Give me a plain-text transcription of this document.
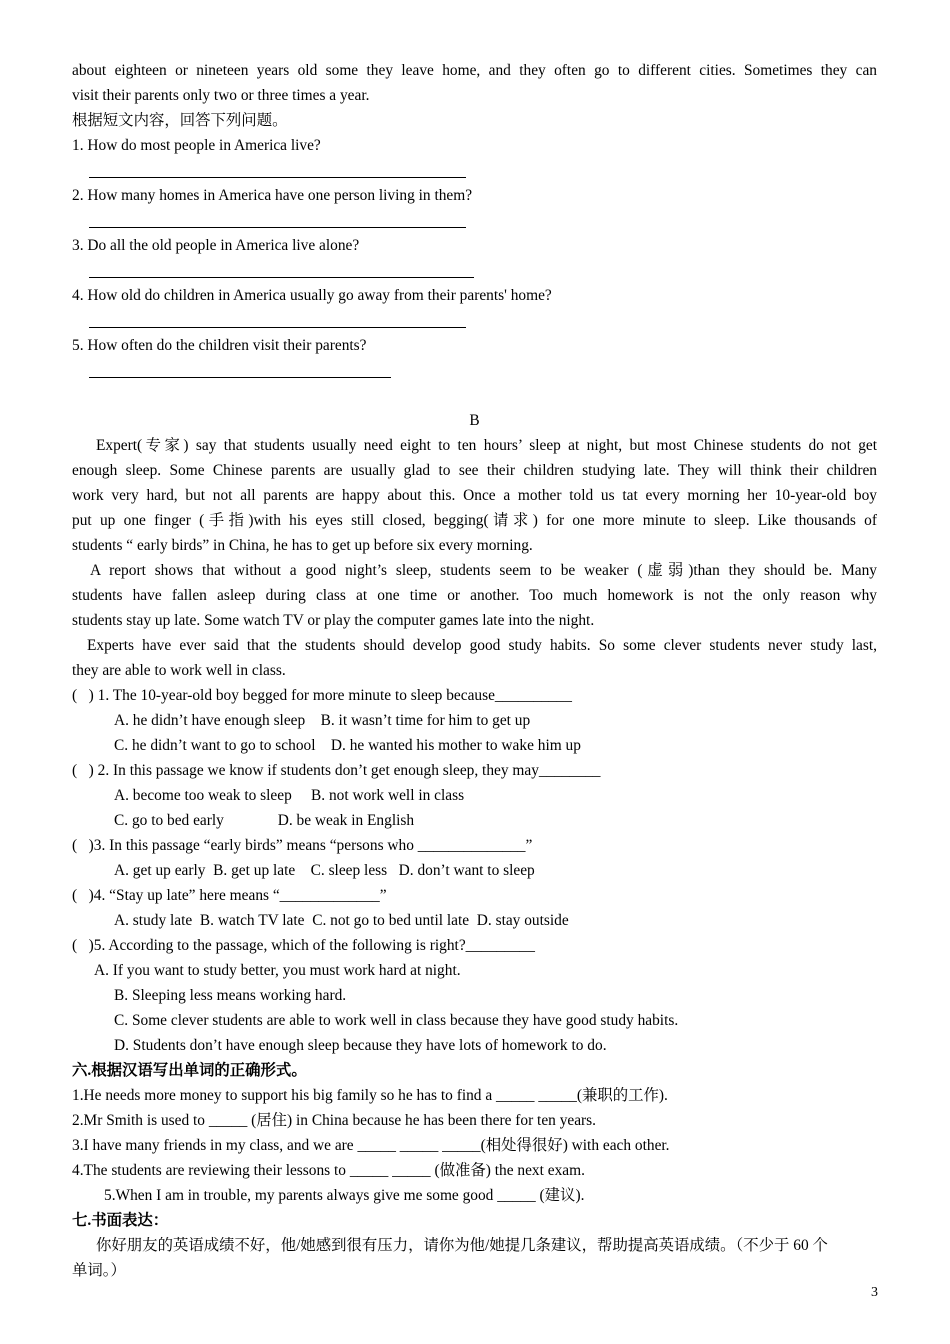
about eighteen or nineteen years old some they leave home, and they often go to different cities. Sometimes they can
visit their parents only two or three times a year.
根据短文内容，回答下列问题。
1. How do most people in America live?
2. How many homes in America have one person living in them?
3. Do all the old people in America live alone?
4. How old do children in America usually go away from their parents' home?
5. How often do the children visit their parents?
B
Expert(专家) say that students usually need eight to ten hours’ sleep at night, but most Chinese students do not get
enough sleep. Some Chinese parents are usually glad to see their children studying late. They will think their children
work very hard, but not all parents are happy about this. Once a mother told us tat every morning her 10-year-old boy
put up one finger (手指)with his eyes still closed, begging(请求) for one more minute to sleep. Like thousands of
students “ early birds” in China, he has to get up before six every morning.
A report shows that without a good night’s sleep, students seem to be weaker (虚弱)than they should be. Many
students have fallen asleep during class at one time or another. Too much homework is not the only reason why
students stay up late. Some watch TV or play the computer games late into the night.
Experts have ever said that the students should develop good study habits. So some clever students never study last,
they are able to work well in class.
(   ) 1. The 10-year-old boy begged for more minute to sleep because__________
A. he didn’t have enough sleep    B. it wasn’t time for him to get up
C. he didn’t want to go to school    D. he wanted his mother to wake him up
(   ) 2. In this passage we know if students don’t get enough sleep, they may________
A. become too weak to sleep     B. not work well in class
C. go to bed early              D. be weak in English
(   )3. In this passage “early birds” means “persons who ______________”
A. get up early  B. get up late    C. sleep less   D. don’t want to sleep
(   )4. “Stay up late” here means “_____________”
A. study late  B. watch TV late  C. not go to bed until late  D. stay outside
(   )5. According to the passage, which of the following is right?_________
A. If you want to study better, you must work hard at night.
B. Sleeping less means working hard.
C. Some clever students are able to work well in class because they have good study habits.
D. Students don’t have enough sleep because they have lots of homework to do.
六.根据汉语写出单词的正确形式。
1.He needs more money to support his big family so he has to find a _____ _____(兼职的工作).
2.Mr Smith is used to _____ (居住) in China because he has been there for ten years.
3.I have many friends in my class, and we are _____ _____ _____(相处得很好) with each other.
4.The students are reviewing their lessons to _____ _____ (做准备) the next exam.
5.When I am in trouble, my parents always give me some good _____ (建议).
七.书面表达：
你好朋友的英语成绩不好，他/她感到很有压力，请你为他/她提几条建议，帮助提高英语成绩。（不少于 60 个
单词。）
3
